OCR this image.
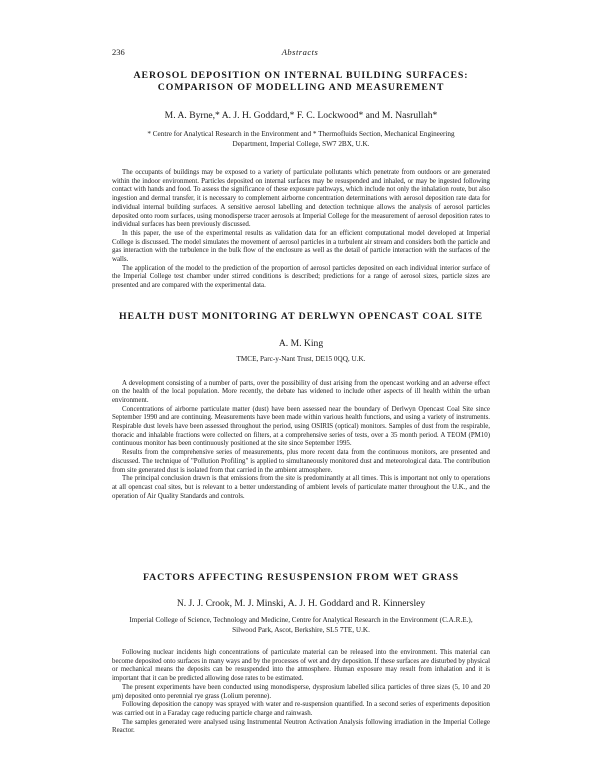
236	Abstracts
AEROSOL DEPOSITION ON INTERNAL BUILDING SURFACES: COMPARISON OF MODELLING AND MEASUREMENT
M. A. Byrne,* A. J. H. Goddard,* F. C. Lockwood* and M. Nasrullah*
* Centre for Analytical Research in the Environment and * Thermofluids Section, Mechanical Engineering Department, Imperial College, SW7 2BX, U.K.

The occupants of buildings may be exposed to a variety of particulate pollutants which penetrate from outdoors or are generated within the indoor environment. Particles deposited on internal surfaces may be resuspended and inhaled, or may be ingested following contact with hands and food. To assess the significance of these exposure pathways, which include not only the inhalation route, but also ingestion and dermal transfer, it is necessary to complement airborne concentration determinations with aerosol deposition rate data for individual internal building surfaces. A sensitive aerosol labelling and detection technique allows the analysis of aerosol particles deposited onto room surfaces, using monodisperse tracer aerosols at Imperial College for the measurement of aerosol deposition rates to individual surfaces has been previously discussed.

In this paper, the use of the experimental results as validation data for an efficient computational model developed at Imperial College is discussed. The model simulates the movement of aerosol particles in a turbulent air stream and considers both the particle and gas interaction with the turbulence in the bulk flow of the enclosure as well as the detail of particle interaction with the surfaces of the walls.

The application of the model to the prediction of the proportion of aerosol particles deposited on each individual interior surface of the Imperial College test chamber under stirred conditions is described; predictions for a range of aerosol sizes, particle sizes are presented and are compared with the experimental data.

HEALTH DUST MONITORING AT DERLWYN OPENCAST COAL SITE
A. M. King
TMCE, Parc-y-Nant Trust, DE15 0QQ, U.K.

A development consisting of a number of parts, over the possibility of dust arising from the opencast working and an adverse effect on the health of the local population. More recently, the debate has widened to include other aspects of ill health within the urban environment.

Concentrations of airborne particulate matter (dust) have been assessed near the boundary of Derlwyn Opencast Coal Site since September 1990 and are continuing. Measurements have been made within various health functions, and using a variety of instruments. Respirable dust levels have been assessed throughout the period, using OSIRIS (optical) monitors. Samples of dust from the respirable, thoracic and inhalable fractions were collected on filters, at a comprehensive series of tests, over a 35 month period. A TEOM (PM10) continuous monitor has been continuously positioned at the site since September 1995.

Results from the comprehensive series of measurements, plus more recent data from the continuous monitors, are presented and discussed. The technique of "Pollution Profiling" is applied to simultaneously monitored dust and meteorological data. The contribution from site generated dust is isolated from that carried in the ambient atmosphere.

The principal conclusion drawn is that emissions from the site is predominantly at all times. This is important not only to operations at all opencast coal sites, but is relevant to a better understanding of ambient levels of particulate matter throughout the U.K., and the operation of Air Quality Standards and controls.

FACTORS AFFECTING RESUSPENSION FROM WET GRASS
N. J. J. Crook, M. J. Minski, A. J. H. Goddard and R. Kinnersley
Imperial College of Science, Technology and Medicine, Centre for Analytical Research in the Environment (C.A.R.E.), Silwood Park, Ascot, Berkshire, SL5 7TE, U.K.

Following nuclear incidents high concentrations of particulate material can be released into the environment. This material can become deposited onto surfaces in many ways and by the processes of wet and dry deposition. If these surfaces are disturbed by physical or mechanical means the deposits can be resuspended into the atmosphere. Human exposure may result from inhalation and it is important that it can be predicted allowing dose rates to be estimated.

The present experiments have been conducted using monodisperse, dysprosium labelled silica particles of three sizes (5, 10 and 20 μm) deposited onto perennial rye grass (Lolium perenne).

Following deposition the canopy was sprayed with water and re-suspension quantified. In a second series of experiments deposition was carried out in a Faraday cage reducing particle charge and rainwash.

The samples generated were analysed using Instrumental Neutron Activation Analysis following irradiation in the Imperial College Reactor.
